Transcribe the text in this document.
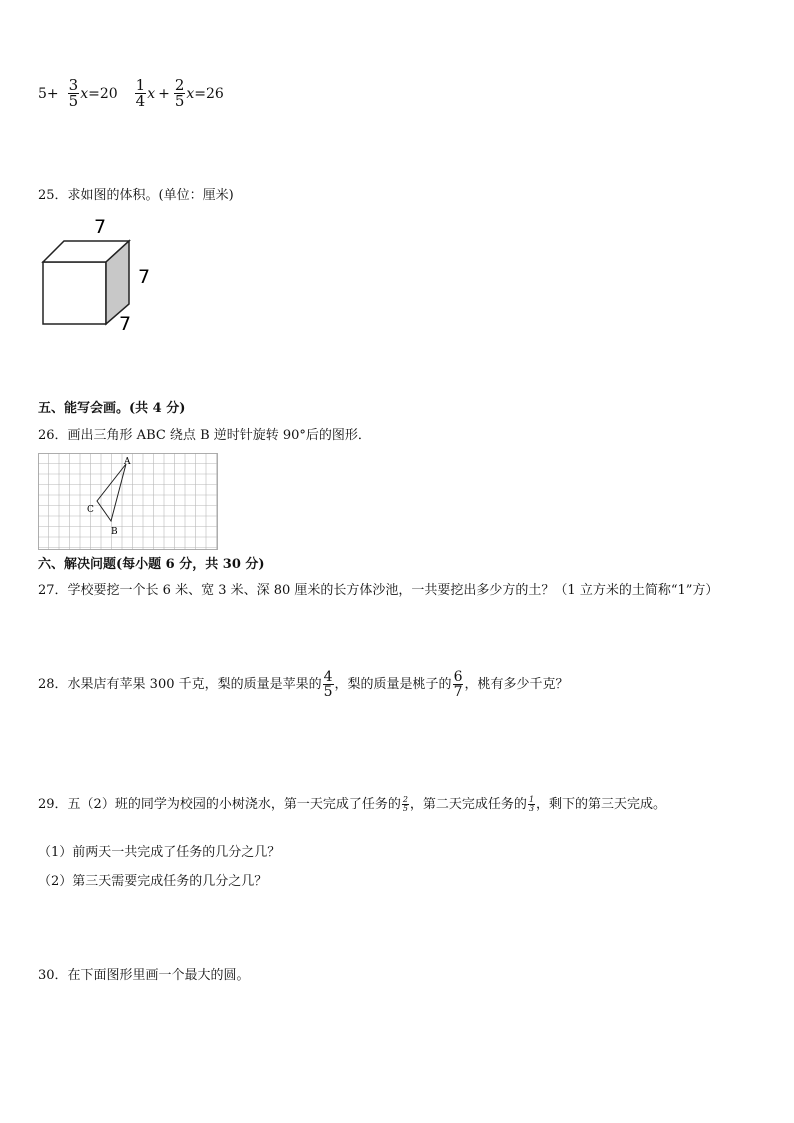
$5+ \frac{3}{5}$ $x =20 \frac{1}{4}$ $x + \frac{2}{5}$ x =26
25．求如图的体积。(单位：厘米)
7
7
7
五、能写会画。(共 4 分)
26．画出三角形 ABC 绕点 B 逆时针旋转 90°后的图形．
A
B
C
六、解决问题(每小题 6 分，共 30 分)
27．学校要挖一个长 6 米、宽 3 米、深 80 厘米的长方体沙池，一共要挖出多少方的土？（1 立方米的土简称“1”方）
28．水果店有苹果 300 千克，梨的质量是苹果的 $\frac{4}{5}$ ，梨的质量是桃子的 $\frac{6}{7}$ ，桃有多少千克？
29．五（2）班的同学为校园的小树浇水，第一天完成了任务的 $\frac{2}{5}$ ，第二天完成任务的 $\frac{1}{3}$ ，剩下的第三天完成。
（1）前两天一共完成了任务的几分之几？
（2）第三天需要完成任务的几分之几？
30．在下面图形里画一个最大的圆。
